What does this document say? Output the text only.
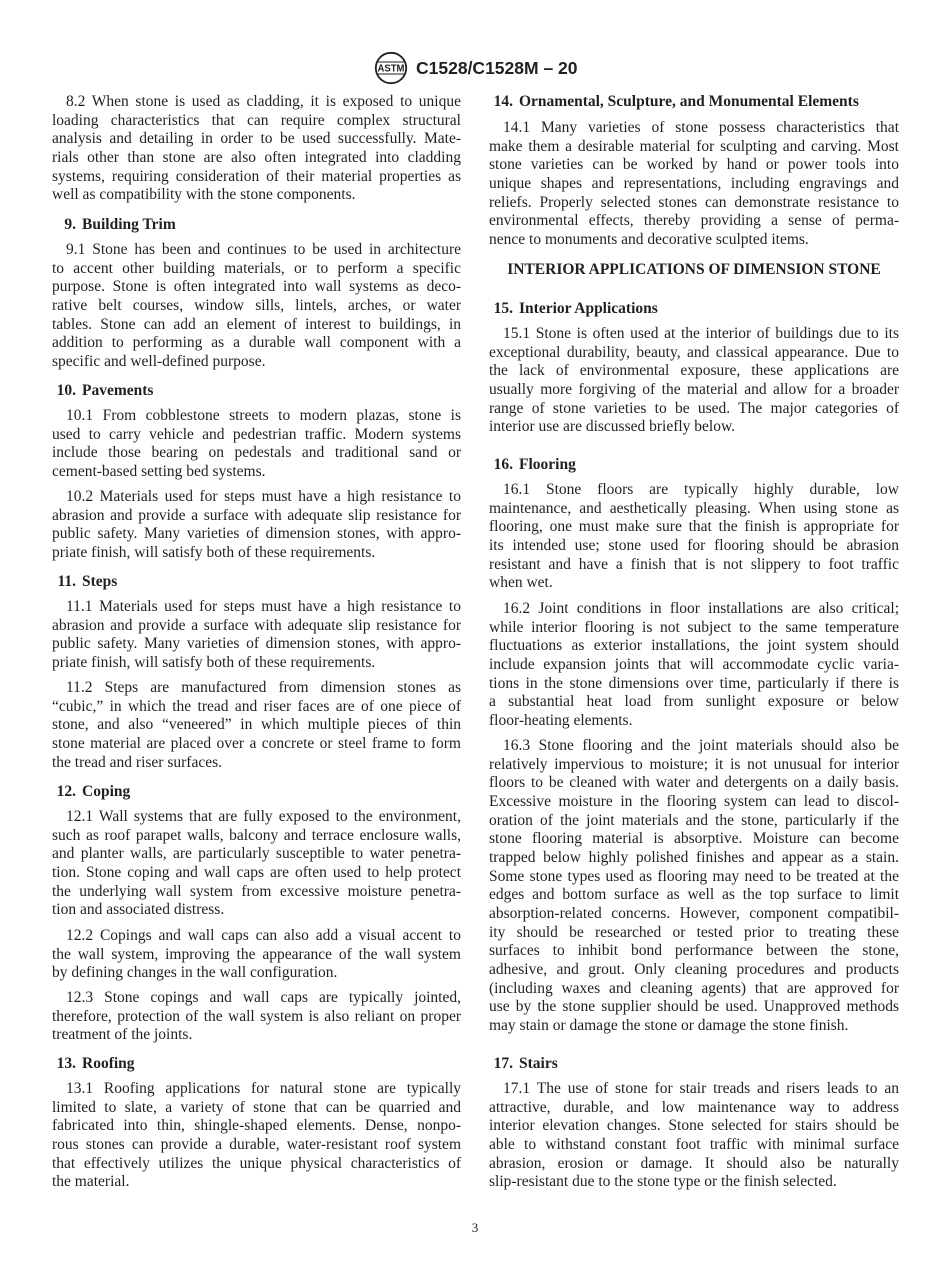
ASTM C1528/C1528M – 20
8.2 When stone is used as cladding, it is exposed to unique
loading characteristics that can require complex structural
analysis and detailing in order to be used successfully. Mate-
rials other than stone are also often integrated into cladding
systems, requiring consideration of their material properties as
well as compatibility with the stone components.
9. Building Trim
9.1 Stone has been and continues to be used in architecture
to accent other building materials, or to perform a specific
purpose. Stone is often integrated into wall systems as deco-
rative belt courses, window sills, lintels, arches, or water
tables. Stone can add an element of interest to buildings, in
addition to performing as a durable wall component with a
specific and well-defined purpose.
10. Pavements
10.1 From cobblestone streets to modern plazas, stone is
used to carry vehicle and pedestrian traffic. Modern systems
include those bearing on pedestals and traditional sand or
cement-based setting bed systems.
10.2 Materials used for steps must have a high resistance to
abrasion and provide a surface with adequate slip resistance for
public safety. Many varieties of dimension stones, with appro-
priate finish, will satisfy both of these requirements.
11. Steps
11.1 Materials used for steps must have a high resistance to
abrasion and provide a surface with adequate slip resistance for
public safety. Many varieties of dimension stones, with appro-
priate finish, will satisfy both of these requirements.
11.2 Steps are manufactured from dimension stones as
“cubic,” in which the tread and riser faces are of one piece of
stone, and also “veneered” in which multiple pieces of thin
stone material are placed over a concrete or steel frame to form
the tread and riser surfaces.
12. Coping
12.1 Wall systems that are fully exposed to the environment,
such as roof parapet walls, balcony and terrace enclosure walls,
and planter walls, are particularly susceptible to water penetra-
tion. Stone coping and wall caps are often used to help protect
the underlying wall system from excessive moisture penetra-
tion and associated distress.
12.2 Copings and wall caps can also add a visual accent to
the wall system, improving the appearance of the wall system
by defining changes in the wall configuration.
12.3 Stone copings and wall caps are typically jointed,
therefore, protection of the wall system is also reliant on proper
treatment of the joints.
13. Roofing
13.1 Roofing applications for natural stone are typically
limited to slate, a variety of stone that can be quarried and
fabricated into thin, shingle-shaped elements. Dense, nonpo-
rous stones can provide a durable, water-resistant roof system
that effectively utilizes the unique physical characteristics of
the material.
14. Ornamental, Sculpture, and Monumental Elements
14.1 Many varieties of stone possess characteristics that
make them a desirable material for sculpting and carving. Most
stone varieties can be worked by hand or power tools into
unique shapes and representations, including engravings and
reliefs. Properly selected stones can demonstrate resistance to
environmental effects, thereby providing a sense of perma-
nence to monuments and decorative sculpted items.
INTERIOR APPLICATIONS OF DIMENSION STONE
15. Interior Applications
15.1 Stone is often used at the interior of buildings due to its
exceptional durability, beauty, and classical appearance. Due to
the lack of environmental exposure, these applications are
usually more forgiving of the material and allow for a broader
range of stone varieties to be used. The major categories of
interior use are discussed briefly below.
16. Flooring
16.1 Stone floors are typically highly durable, low
maintenance, and aesthetically pleasing. When using stone as
flooring, one must make sure that the finish is appropriate for
its intended use; stone used for flooring should be abrasion
resistant and have a finish that is not slippery to foot traffic
when wet.
16.2 Joint conditions in floor installations are also critical;
while interior flooring is not subject to the same temperature
fluctuations as exterior installations, the joint system should
include expansion joints that will accommodate cyclic varia-
tions in the stone dimensions over time, particularly if there is
a substantial heat load from sunlight exposure or below
floor-heating elements.
16.3 Stone flooring and the joint materials should also be
relatively impervious to moisture; it is not unusual for interior
floors to be cleaned with water and detergents on a daily basis.
Excessive moisture in the flooring system can lead to discol-
oration of the joint materials and the stone, particularly if the
stone flooring material is absorptive. Moisture can become
trapped below highly polished finishes and appear as a stain.
Some stone types used as flooring may need to be treated at the
edges and bottom surface as well as the top surface to limit
absorption-related concerns. However, component compatibil-
ity should be researched or tested prior to treating these
surfaces to inhibit bond performance between the stone,
adhesive, and grout. Only cleaning procedures and products
(including waxes and cleaning agents) that are approved for
use by the stone supplier should be used. Unapproved methods
may stain or damage the stone or damage the stone finish.
17. Stairs
17.1 The use of stone for stair treads and risers leads to an
attractive, durable, and low maintenance way to address
interior elevation changes. Stone selected for stairs should be
able to withstand constant foot traffic with minimal surface
abrasion, erosion or damage. It should also be naturally
slip-resistant due to the stone type or the finish selected.
3
